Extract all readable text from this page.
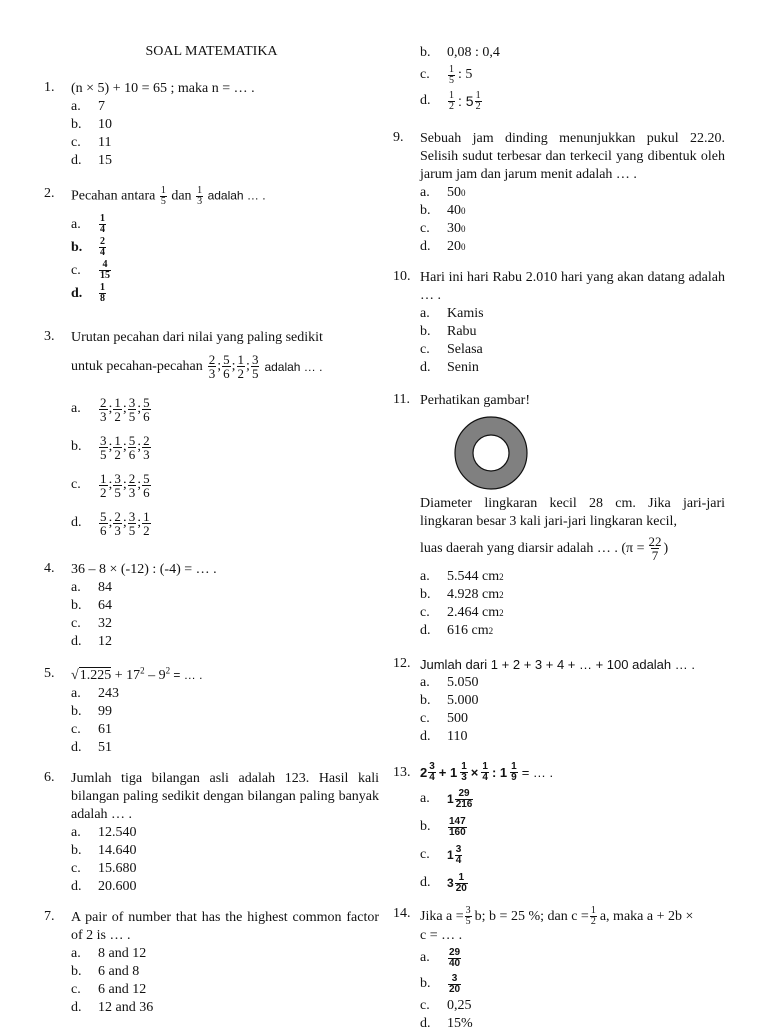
SOAL MATEMATIKA
1. (n × 5) + 10 = 65 ; maka n = … .
a.	7
b.	10
c.	11
d.	15
2. Pecahan antara $\frac{1}{5}$ dan $\frac{1}{3}$ adalah … .
a.	$\frac{1}{4}$
b.	$\frac{2}{4}$
c.	$\frac{4}{15}$
d.	$\frac{1}{8}$
3. Urutan pecahan dari nilai yang paling sedikit
untuk pecahan-pecahan $\frac{2}{3}$ ; $\frac{5}{6}$ ; $\frac{1}{2}$ ; $\frac{3}{5}$ adalah … .
a.	$\frac{2}{3}$ ; $\frac{1}{2}$ ; $\frac{3}{5}$ ; $\frac{5}{6}$
b.	$\frac{3}{5}$ ; $\frac{1}{2}$ ; $\frac{5}{6}$ ; $\frac{2}{3}$
c.	$\frac{1}{2}$ ; $\frac{3}{5}$ ; $\frac{2}{3}$ ; $\frac{5}{6}$
d.	$\frac{5}{6}$ ; $\frac{2}{3}$ ; $\frac{3}{5}$ ; $\frac{1}{2}$
4. 36 – 8 × (-12) : (-4) = … .
a.	84
b.	64
c.	32
d.	12
5. $√1.225 + 17^2 - 9^2$ = … .
a.	243
b.	99
c.	61
d.	51
6. Jumlah tiga bilangan asli adalah 123. Hasil kali bilangan paling sedikit dengan bilangan paling banyak adalah … .
a.	12.540
b.	14.640
c.	15.680
d.	20.600
7. A pair of number that has the highest common factor of 2 is … .
a.	8 and 12
b.	6 and 8
c.	6 and 12
d.	12 and 36
b.	0,08 : 0,4
c.	$\frac{1}{5}$ : 5
d.	$\frac{1}{2}$ : $5 \frac{1}{2}$
9. Sebuah jam dinding menunjukkan pukul 22.20. Selisih sudut terbesar dan terkecil yang dibentuk oleh jarum jam dan jarum menit adalah … .
a.	50 0
b.	40 0
c.	30 0
d.	20 0
10. Hari ini hari Rabu 2.010 hari yang akan datang adalah … .
a.	Kamis
b.	Rabu
c.	Selasa
d.	Senin
11. Perhatikan gambar!
Diameter lingkaran kecil 28 cm. Jika jari-jari lingkaran besar 3 kali jari-jari lingkaran kecil,
luas daerah yang diarsir adalah … . ($\pi = \frac{22}{7}$ )
a.	5.544 cm 2
b.	4.928 cm 2
c.	2.464 cm 2
d.	616 cm 2
12. Jumlah dari 1 + 2 + 3 + 4 + … + 100 adalah … .
a.	5.050
b.	5.000
c.	500
d.	110
13. $2 \frac{3}{4} + 1 \frac{1}{3} \times \frac{1}{4}$ : $1 \frac{1}{9}$ = … .
a.	$1 \frac{29}{216}$
b.	$\frac{147}{160}$
c.	$1 \frac{3}{4}$
d.	$3 \frac{1}{20}$
14. Jika $a = \frac{3}{5} b$; b = 25 %; dan $c = \frac{1}{2} a$, maka a + 2b ×
c = … .
a.	$\frac{29}{40}$
b.	$\frac{3}{20}$
c.	0,25
d.	15%
